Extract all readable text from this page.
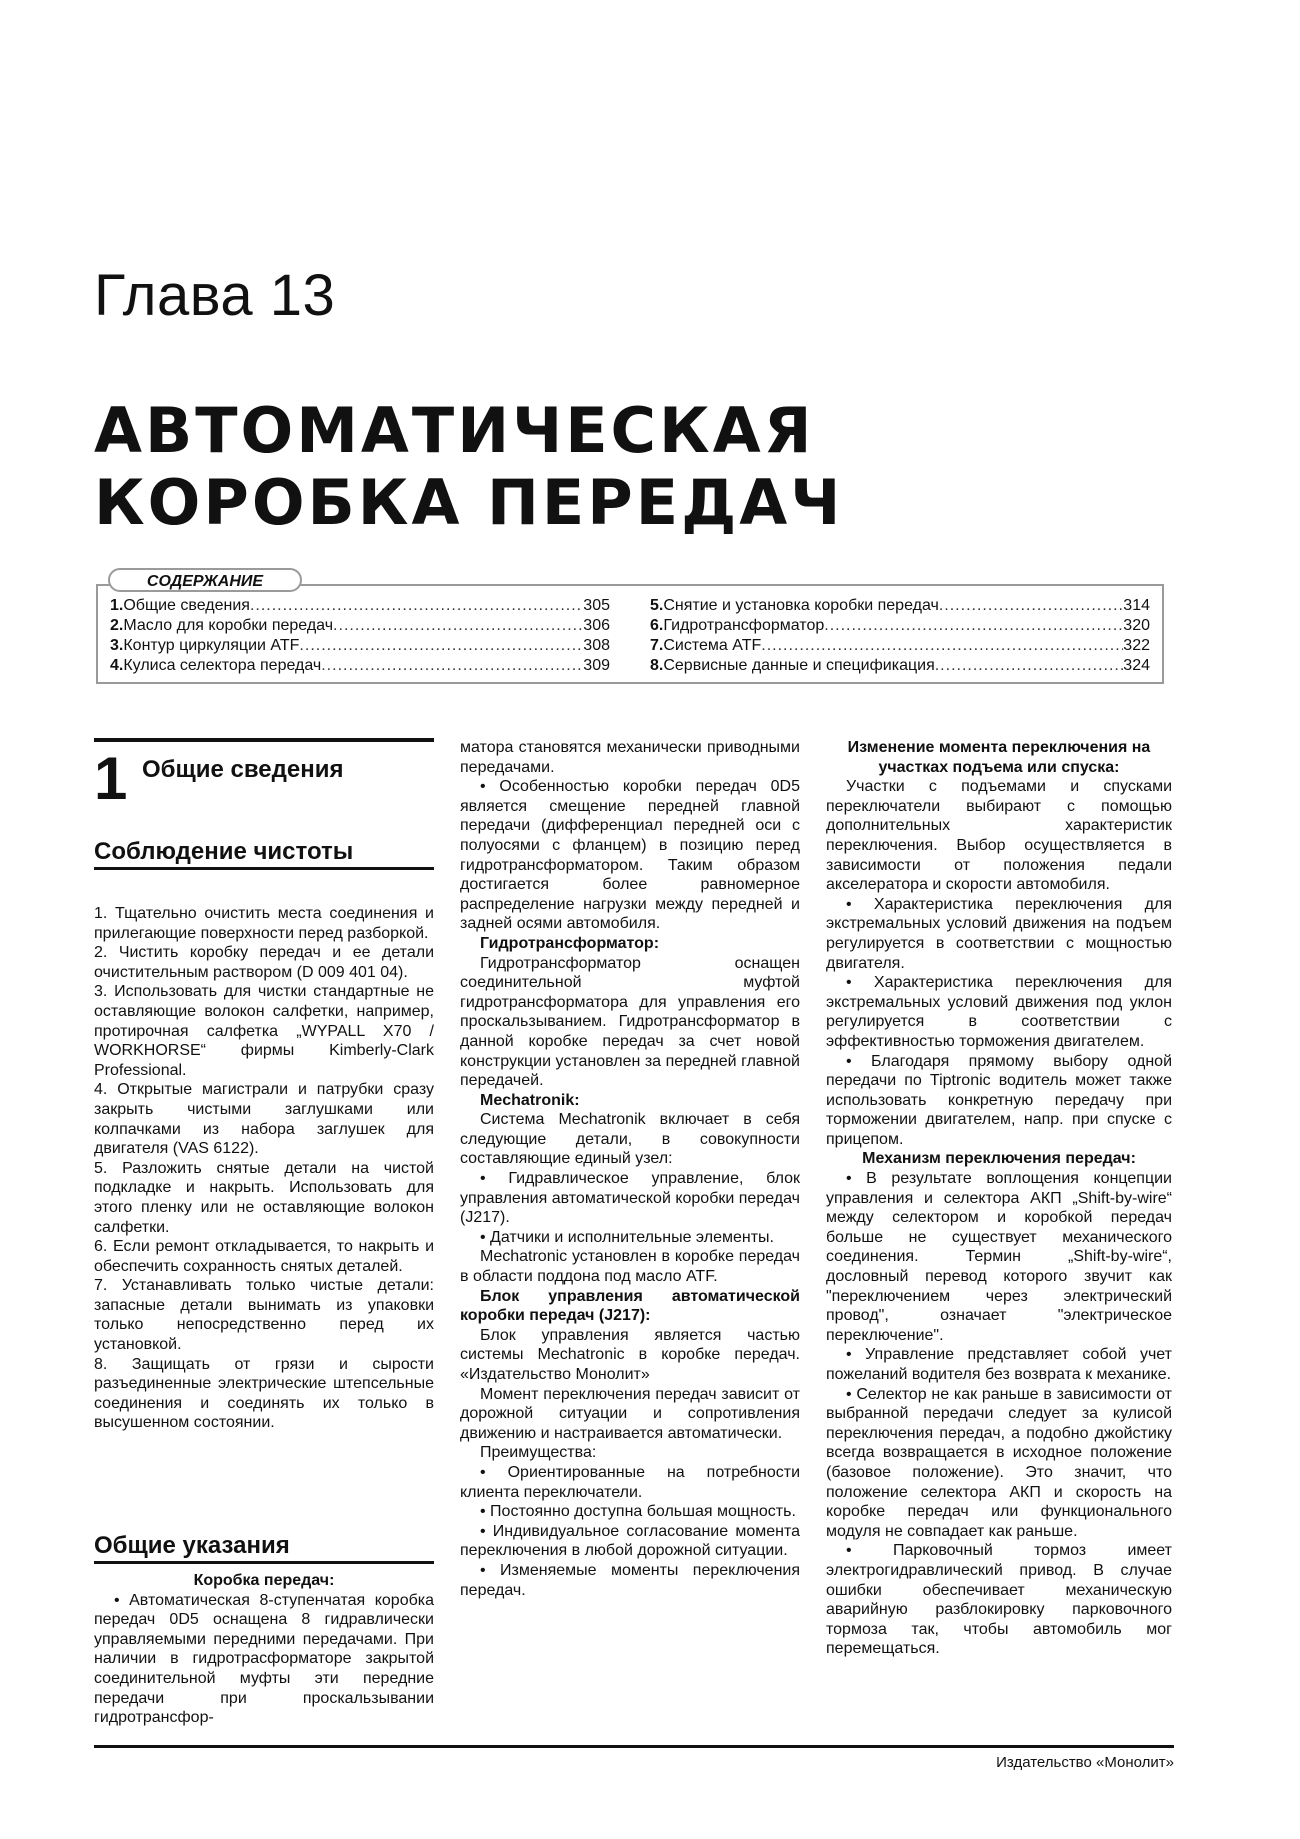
Глава 13
АВТОМАТИЧЕСКАЯ
КОРОБКА ПЕРЕДАЧ
СОДЕРЖАНИЕ
1. Общие сведения .....	305
2. Масло для коробки передач .....	306
3. Контур циркуляции ATF .....	308
4. Кулиса селектора передач .....	309
5. Снятие и установка коробки передач .....	314
6. Гидротрансформатор .....	320
7. Система ATF .....	322
8. Сервисные данные и спецификация .....	324
1 Общие сведения
Соблюдение чистоты

1. Тщательно очистить места соединения и прилегающие поверхности перед разборкой.

2. Чистить коробку передач и ее детали очистительным раствором (D 009 401 04).

3. Использовать для чистки стандартные не оставляющие волокон салфетки, например, протирочная салфетка „WYPALL X70 / WORKHORSE“ фирмы Kimberly-Clark Professional.

4. Открытые магистрали и патрубки сразу закрыть чистыми заглушками или колпачками из набора заглушек для двигателя (VAS 6122).

5. Разложить снятые детали на чистой подкладке и накрыть. Использовать для этого пленку или не оставляющие волокон салфетки.

6. Если ремонт откладывается, то накрыть и обеспечить сохранность снятых деталей.

7. Устанавливать только чистые детали: запасные детали вынимать из упаковки только непосредственно перед их установкой.

8. Защищать от грязи и сырости разъединенные электрические штепсельные соединения и соединять их только в высушенном состоянии.

Общие указания

Коробка передач:

• Автоматическая 8-ступенчатая коробка передач 0D5 оснащена 8 гидравлически управляемыми передними передачами. При наличии в гидротрасформаторе закрытой соединительной муфты эти передние передачи при проскальзывании гидротрансфор-

матора становятся механически приводными передачами.

• Особенностью коробки передач 0D5 является смещение передней главной передачи (дифференциал передней оси с полуосями с фланцем) в позицию перед гидротрансформатором. Таким образом достигается более равномерное распределение нагрузки между передней и задней осями автомобиля.

Гидротрансформатор:

Гидротрансформатор оснащен соединительной муфтой гидротрансформатора для управления его проскальзыванием. Гидротрансформатор в данной коробке передач за счет новой конструкции установлен за передней главной передачей.

Mechatronik:

Система Mechatronik включает в себя следующие детали, в совокупности составляющие единый узел:

• Гидравлическое управление, блок управления автоматической коробки передач (J217).

• Датчики и исполнительные элементы.

Mechatronic установлен в коробке передач в области поддона под масло ATF.

Блок управления автоматической коробки передач (J217):

Блок управления является частью системы Mechatronic в коробке передач. «Издательство Монолит»

Момент переключения передач зависит от дорожной ситуации и сопротивления движению и настраивается автоматически.

Преимущества:

• Ориентированные на потребности клиента переключатели.

• Постоянно доступна большая мощность.

• Индивидуальное согласование момента переключения в любой дорожной ситуации.

• Изменяемые моменты переключения передач.

Изменение момента переключения на участках подъема или спуска:

Участки с подъемами и спусками переключатели выбирают с помощью дополнительных характеристик переключения. Выбор осуществляется в зависимости от положения педали акселератора и скорости автомобиля.

• Характеристика переключения для экстремальных условий движения на подъем регулируется в соответствии с мощностью двигателя.

• Характеристика переключения для экстремальных условий движения под уклон регулируется в соответствии с эффективностью торможения двигателем.

• Благодаря прямому выбору одной передачи по Tiptronic водитель может также использовать конкретную передачу при торможении двигателем, напр. при спуске с прицепом.

Механизм переключения передач:

• В результате воплощения концепции управления и селектора АКП „Shift-by-wire“ между селектором и коробкой передач больше не существует механического соединения. Термин „Shift-by-wire“, дословный перевод которого звучит как "переключением через электрический провод", означает "электрическое переключение".

• Управление представляет собой учет пожеланий водителя без возврата к механике.

• Селектор не как раньше в зависимости от выбранной передачи следует за кулисой переключения передач, а подобно джойстику всегда возвращается в исходное положение (базовое положение). Это значит, что положение селектора АКП и скорость на коробке передач или функционального модуля не совпадает как раньше.

• Парковочный тормоз имеет электрогидравлический привод. В случае ошибки обеспечивает механическую аварийную разблокировку парковочного тормоза так, чтобы автомобиль мог перемещаться.

Издательство «Монолит»
